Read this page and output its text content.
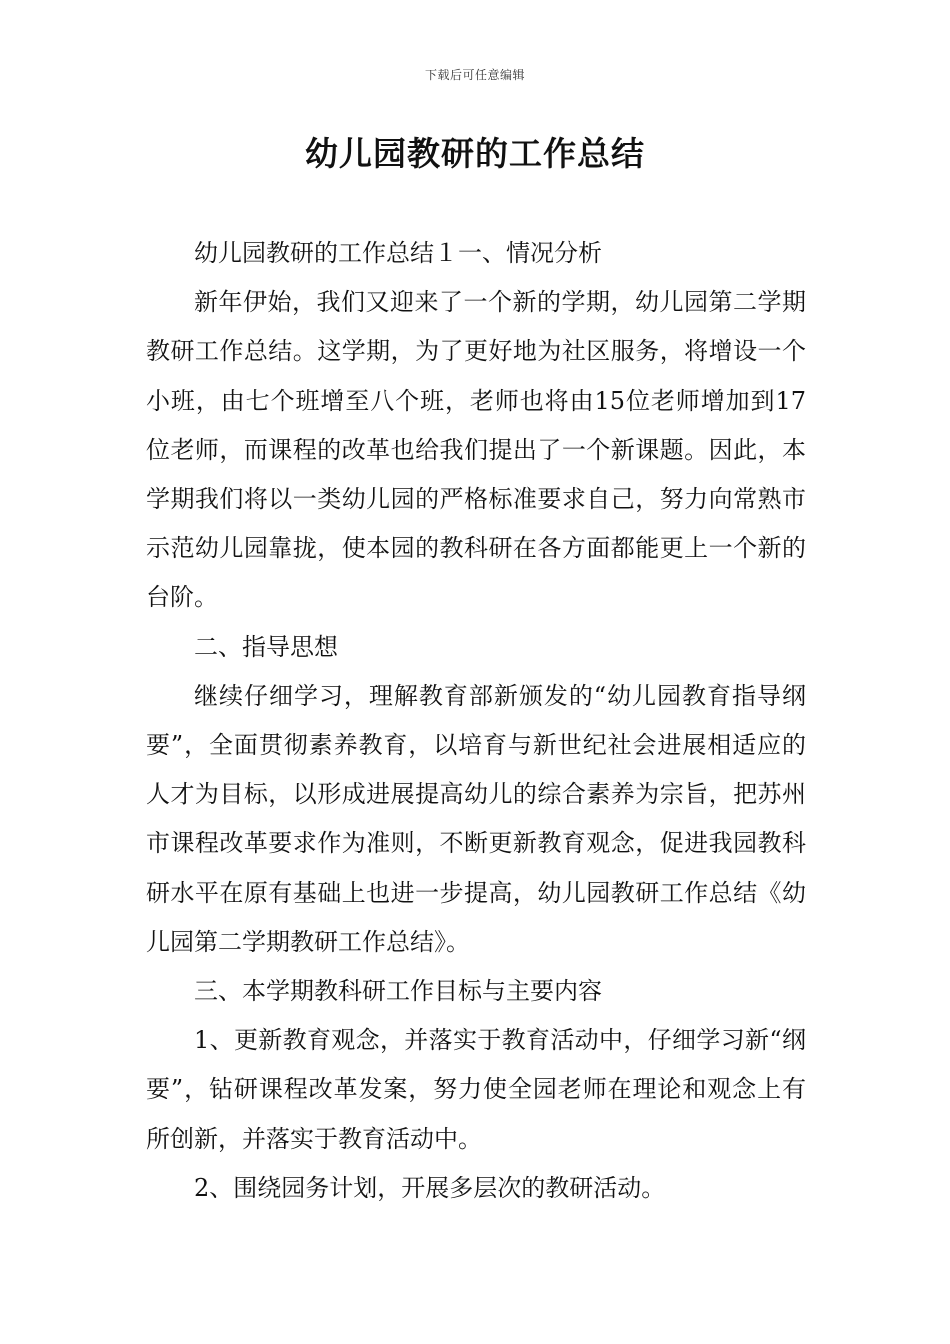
下载后可任意编辑
幼儿园教研的工作总结

幼儿园教研的工作总结１一、情况分析

新年伊始，我们又迎来了一个新的学期，幼儿园第二学期教研工作总结。这学期，为了更好地为社区服务，将增设一个小班，由七个班增至八个班，老师也将由15位老师增加到17位老师，而课程的改革也给我们提出了一个新课题。因此，本学期我们将以一类幼儿园的严格标准要求自己，努力向常熟市示范幼儿园靠拢，使本园的教科研在各方面都能更上一个新的台阶。

二、指导思想

继续仔细学习，理解教育部新颁发的“幼儿园教育指导纲要”，全面贯彻素养教育，以培育与新世纪社会进展相适应的人才为目标，以形成进展提高幼儿的综合素养为宗旨，把苏州市课程改革要求作为准则，不断更新教育观念，促进我园教科研水平在原有基础上也进一步提高，幼儿园教研工作总结《幼儿园第二学期教研工作总结》。

三、本学期教科研工作目标与主要内容

1、更新教育观念，并落实于教育活动中，仔细学习新“纲要”，钻研课程改革发案，努力使全园老师在理论和观念上有所创新，并落实于教育活动中。

2、围绕园务计划，开展多层次的教研活动。
